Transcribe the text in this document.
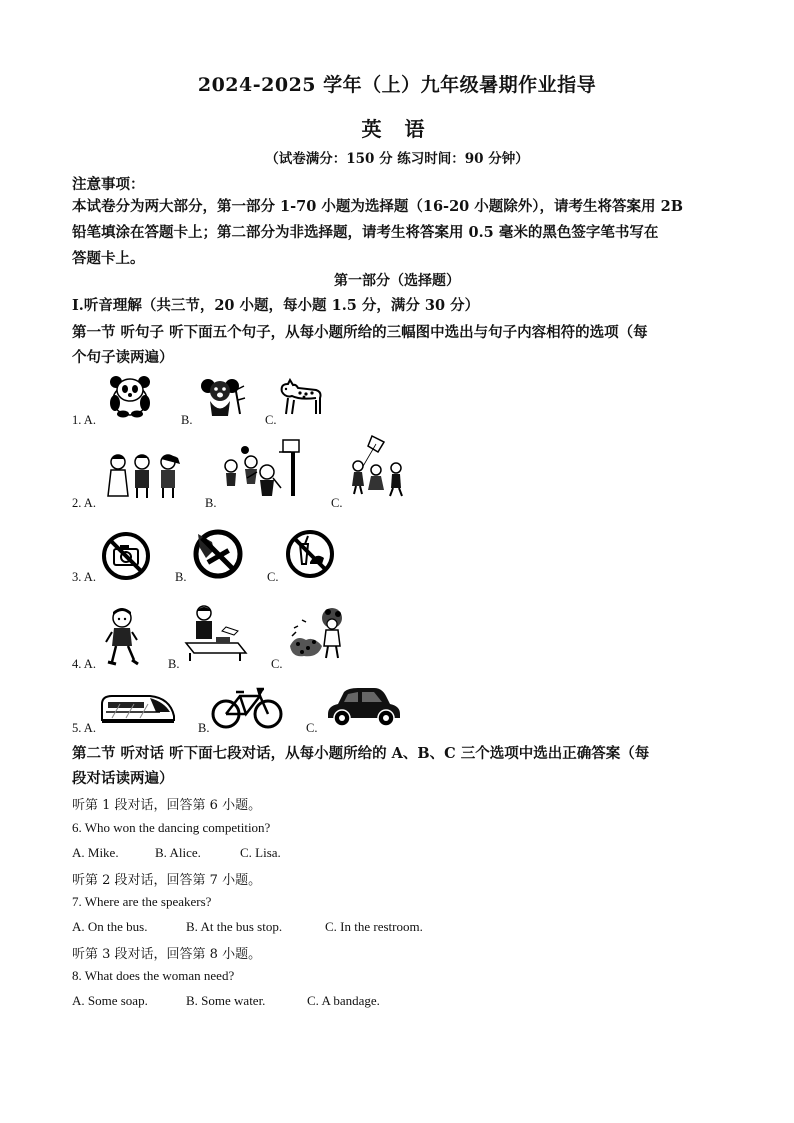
2024-2025 学年（上）九年级暑期作业指导
英 语
（试卷满分：150 分 练习时间：90 分钟）
注意事项：
本试卷分为两大部分，第一部分 1-70 小题为选择题（16-20 小题除外），请考生将答案用 2B
铅笔填涂在答题卡上；第二部分为非选择题，请考生将答案用 0.5 毫米的黑色签字笔书写在
答题卡上。
第一部分（选择题）
I.听音理解（共三节，20 小题，每小题 1.5 分，满分 30 分）
第一节 听句子 听下面五个句子，从每小题所给的三幅图中选出与句子内容相符的选项（每
个句子读两遍）
1. A.	B.	C.
2. A.	B.	C.
3. A.	B.	C.
4. A.	B.	C.
5. A.	B.	C.
第二节 听对话 听下面七段对话，从每小题所给的 A、B、C 三个选项中选出正确答案（每
段对话读两遍）
听第 1 段对话，回答第 6 小题。
6. Who won the dancing competition?
A. Mike.	B. Alice.	C. Lisa.
听第 2 段对话，回答第 7 小题。
7. Where are the speakers?
A. On the bus.	B. At the bus stop.	C. In the restroom.
听第 3 段对话，回答第 8 小题。
8. What does the woman need?
A. Some soap.	B. Some water.	C. A bandage.
